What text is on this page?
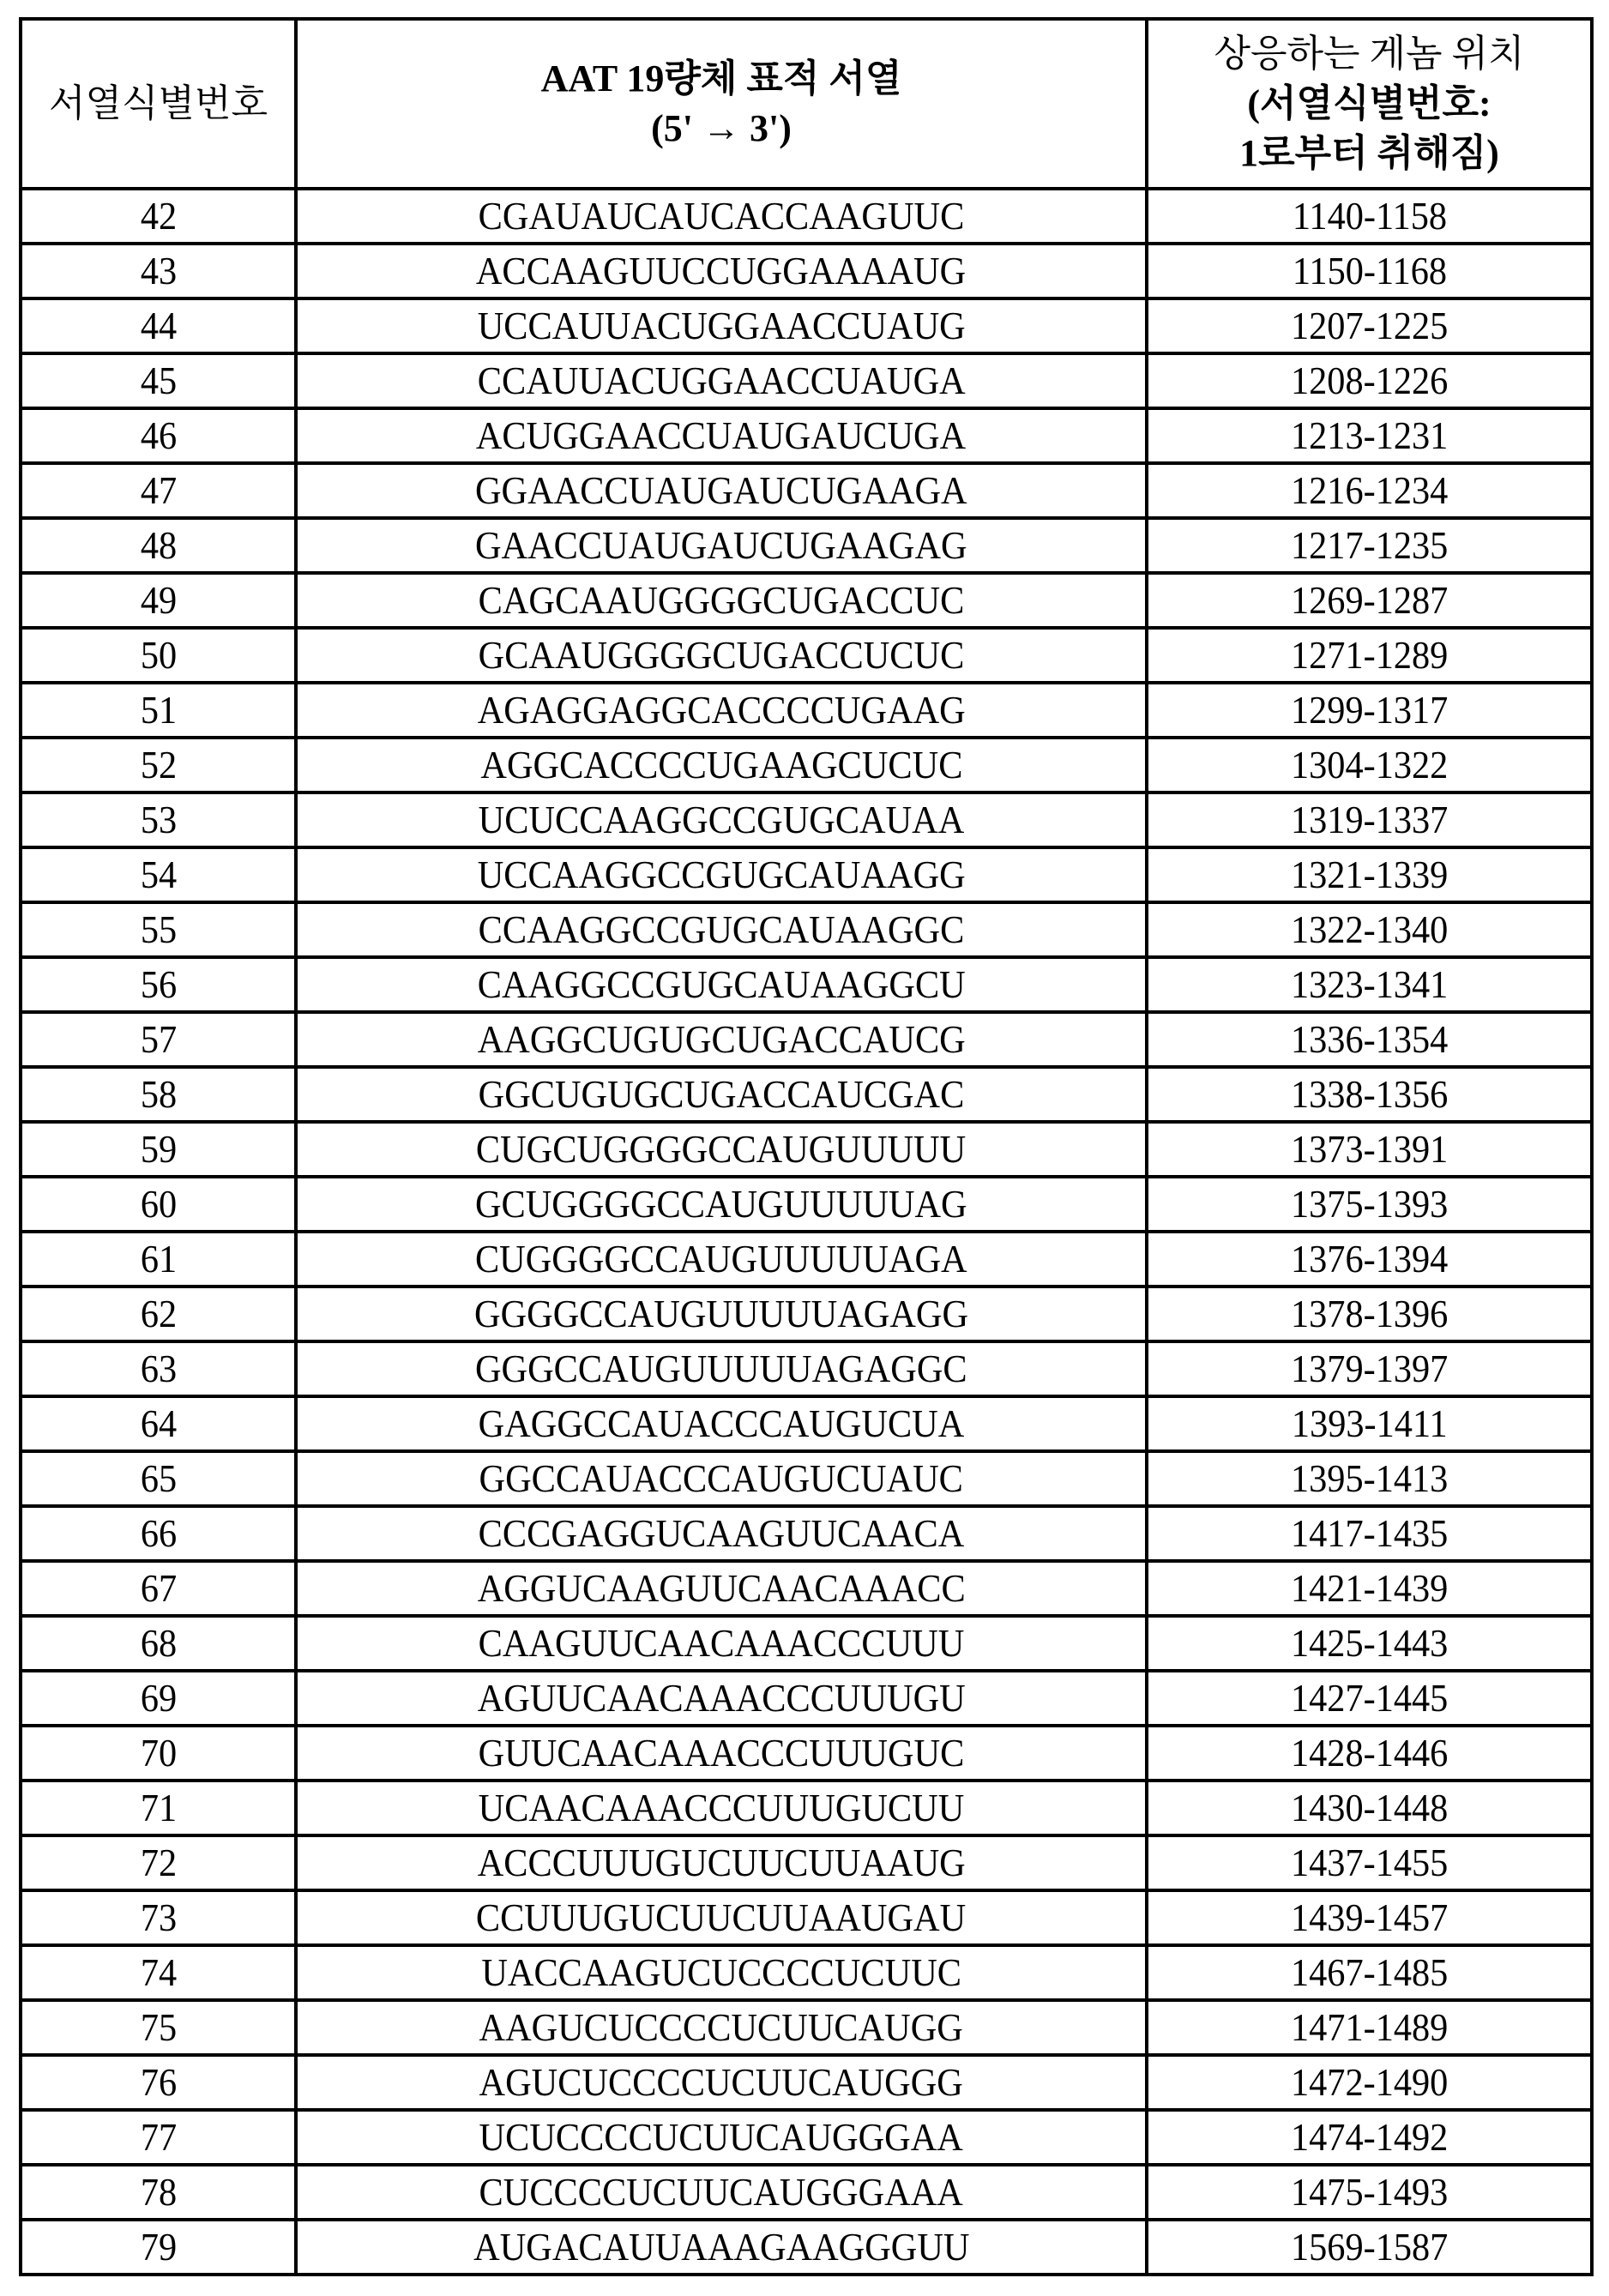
서열식별번호	
AAT 19량체 표적 서열
(5' → 3')

상응하는 게놈 위치
(서열식별번호:
1로부터 취해짐)

42	CGAUAUCAUCACCAAGUUC	1140-1158
43	ACCAAGUUCCUGGAAAAUG	1150-1168
44	UCCAUUACUGGAACCUAUG	1207-1225
45	CCAUUACUGGAACCUAUGA	1208-1226
46	ACUGGAACCUAUGAUCUGA	1213-1231
47	GGAACCUAUGAUCUGAAGA	1216-1234
48	GAACCUAUGAUCUGAAGAG	1217-1235
49	CAGCAAUGGGGCUGACCUC	1269-1287
50	GCAAUGGGGCUGACCUCUC	1271-1289
51	AGAGGAGGCACCCCUGAAG	1299-1317
52	AGGCACCCCUGAAGCUCUC	1304-1322
53	UCUCCAAGGCCGUGCAUAA	1319-1337
54	UCCAAGGCCGUGCAUAAGG	1321-1339
55	CCAAGGCCGUGCAUAAGGC	1322-1340
56	CAAGGCCGUGCAUAAGGCU	1323-1341
57	AAGGCUGUGCUGACCAUCG	1336-1354
58	GGCUGUGCUGACCAUCGAC	1338-1356
59	CUGCUGGGGCCAUGUUUUU	1373-1391
60	GCUGGGGCCAUGUUUUUAG	1375-1393
61	CUGGGGCCAUGUUUUUAGA	1376-1394
62	GGGGCCAUGUUUUUAGAGG	1378-1396
63	GGGCCAUGUUUUUAGAGGC	1379-1397
64	GAGGCCAUACCCAUGUCUA	1393-1411
65	GGCCAUACCCAUGUCUAUC	1395-1413
66	CCCGAGGUCAAGUUCAACA	1417-1435
67	AGGUCAAGUUCAACAAACC	1421-1439
68	CAAGUUCAACAAACCCUUU	1425-1443
69	AGUUCAACAAACCCUUUGU	1427-1445
70	GUUCAACAAACCCUUUGUC	1428-1446
71	UCAACAAACCCUUUGUCUU	1430-1448
72	ACCCUUUGUCUUCUUAAUG	1437-1455
73	CCUUUGUCUUCUUAAUGAU	1439-1457
74	UACCAAGUCUCCCCUCUUC	1467-1485
75	AAGUCUCCCCUCUUCAUGG	1471-1489
76	AGUCUCCCCUCUUCAUGGG	1472-1490
77	UCUCCCCUCUUCAUGGGAA	1474-1492
78	CUCCCCUCUUCAUGGGAAA	1475-1493
79	AUGACAUUAAAGAAGGGUU	1569-1587
